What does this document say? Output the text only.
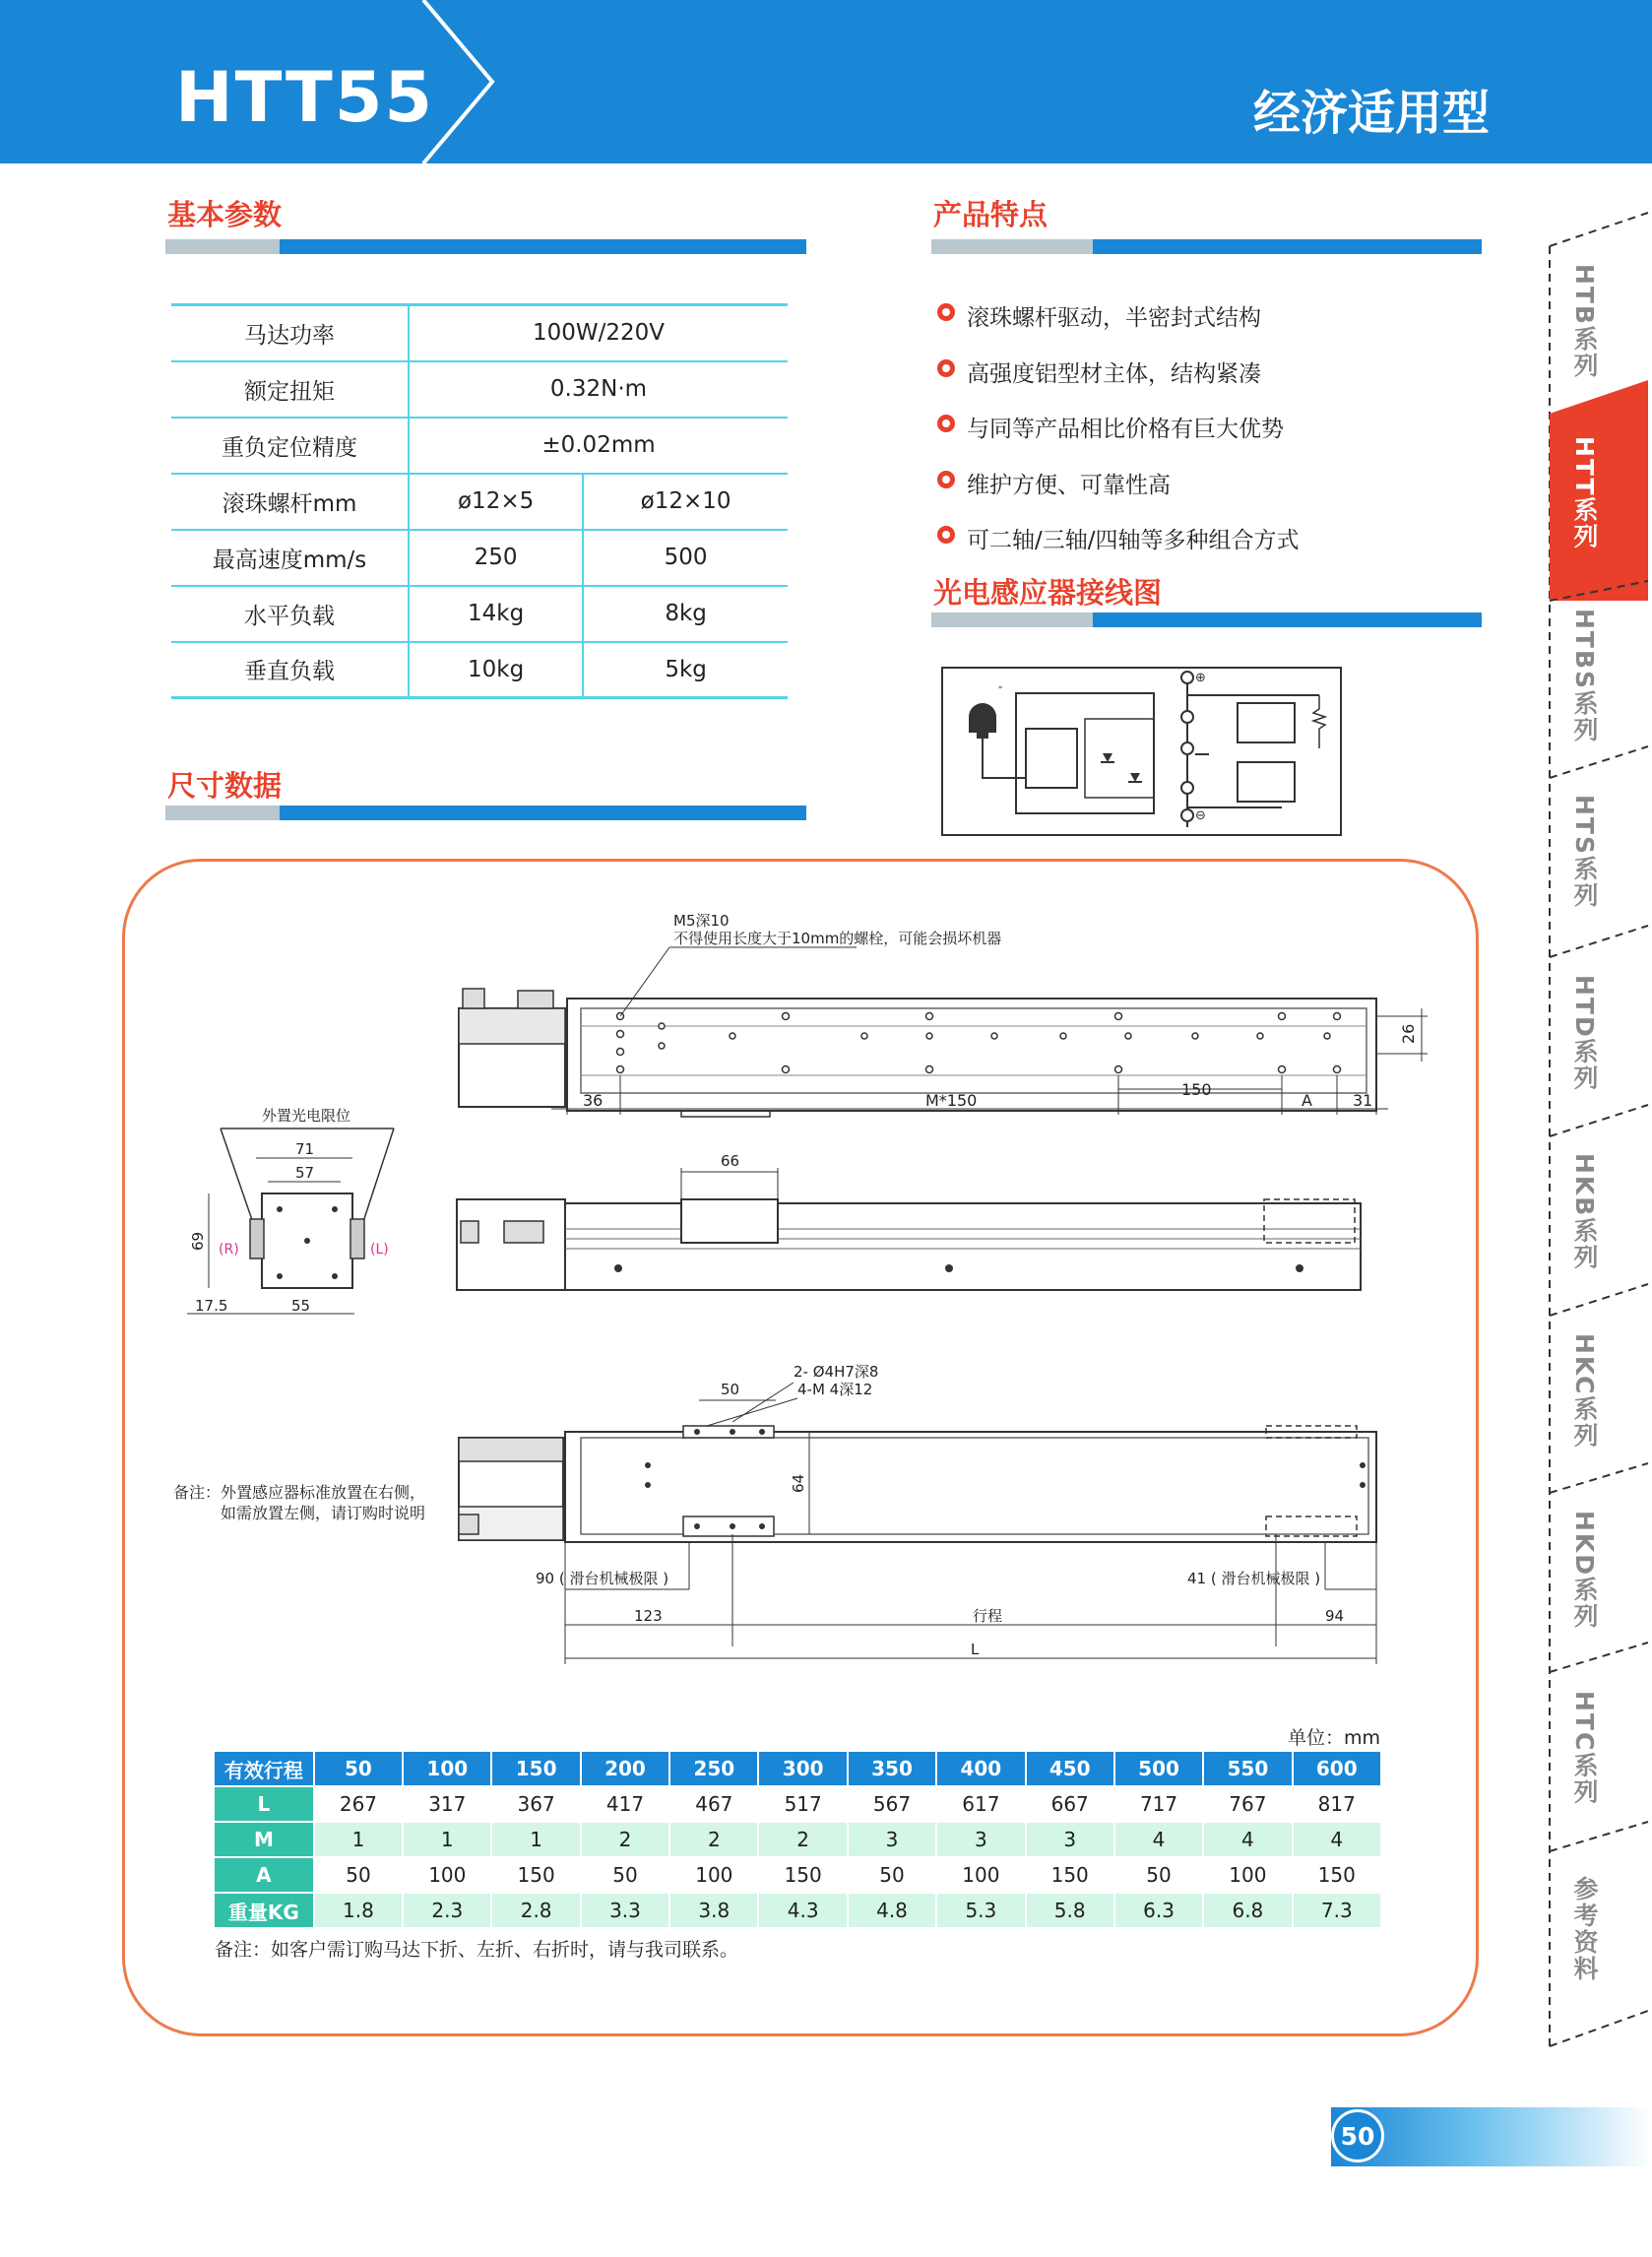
HTT55	经济适用型
基本参数
马达功率	100W/220V	
额定扭矩	0.32N·m	
重负定位精度	±0.02mm	
滚珠螺杆mm	ø12×5	ø12×10
最高速度mm/s	250	500
水平负载	14kg	8kg
垂直负载	10kg	5kg
产品特点
滚珠螺杆驱动，半密封式结构
高强度铝型材主体，结构紧凑
与同等产品相比价格有巨大优势
维护方便、可靠性高
可二轴/三轴/四轴等多种组合方式
光电感应器接线图
″
⊕
⊖
尺寸数据
M5深10
不得使用长度大于10mm的螺栓，可能会损坏机器
36	M*150
150
A	31
26
外置光电限位
71
57
(R)	(L)
69
17.5	55
66
2- Ø4H7深8
4-M 4深12
50
64
90 ( 滑台机械极限 )	41 ( 滑台机械极限 )
123	行程	94
L
备注：外置感应器标准放置在右侧，
如需放置左侧，请订购时说明
单位：mm
有效行程	50	100	150	200	250	300	350	400	450	500	550	600
L	267	317	367	417	467	517	567	617	667	717	767	817
M	1	1	1	2	2	2	3	3	3	4	4	4
A	50	100	150	50	100	150	50	100	150	50	100	150
重量KG	1.8	2.3	2.8	3.3	3.8	4.3	4.8	5.3	5.8	6.3	6.8	7.3
备注：如客户需订购马达下折、左折、右折时，请与我司联系。
HTB系列
HTT系列
HTBS系列
HTS系列
HTD系列
HKB系列
HKC系列
HKD系列
HTC系列
参考资料
50
